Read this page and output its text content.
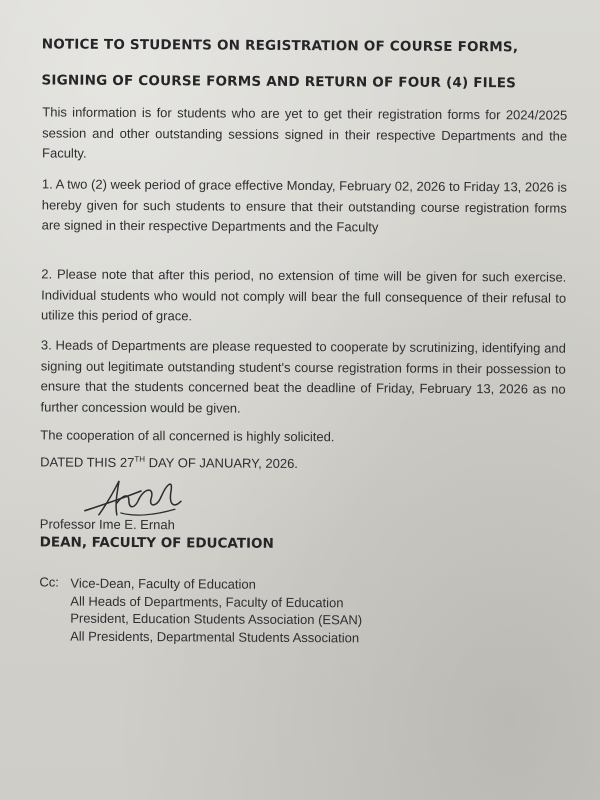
NOTICE TO STUDENTS ON REGISTRATION OF COURSE FORMS,
SIGNING OF COURSE FORMS AND RETURN OF FOUR (4) FILES
This information is for students who are yet to get their registration forms for 2024/2025 session and other outstanding sessions signed in their respective Departments and the Faculty.
1. A two (2) week period of grace effective Monday, February 02, 2026 to Friday 13, 2026 is hereby given for such students to ensure that their outstanding course registration forms are signed in their respective Departments and the Faculty
2. Please note that after this period, no extension of time will be given for such exercise. Individual students who would not comply will bear the full consequence of their refusal to utilize this period of grace.
3. Heads of Departments are please requested to cooperate by scrutinizing, identifying and signing out legitimate outstanding student's course registration forms in their possession to ensure that the students concerned beat the deadline of Friday, February 13, 2026 as no further concession would be given.
The cooperation of all concerned is highly solicited.
DATED THIS 27TH DAY OF JANUARY, 2026.
Professor Ime E. Ernah
DEAN, FACULTY OF EDUCATION
Cc: Vice-Dean, Faculty of Education
All Heads of Departments, Faculty of Education
President, Education Students Association (ESAN)
All Presidents, Departmental Students Association
